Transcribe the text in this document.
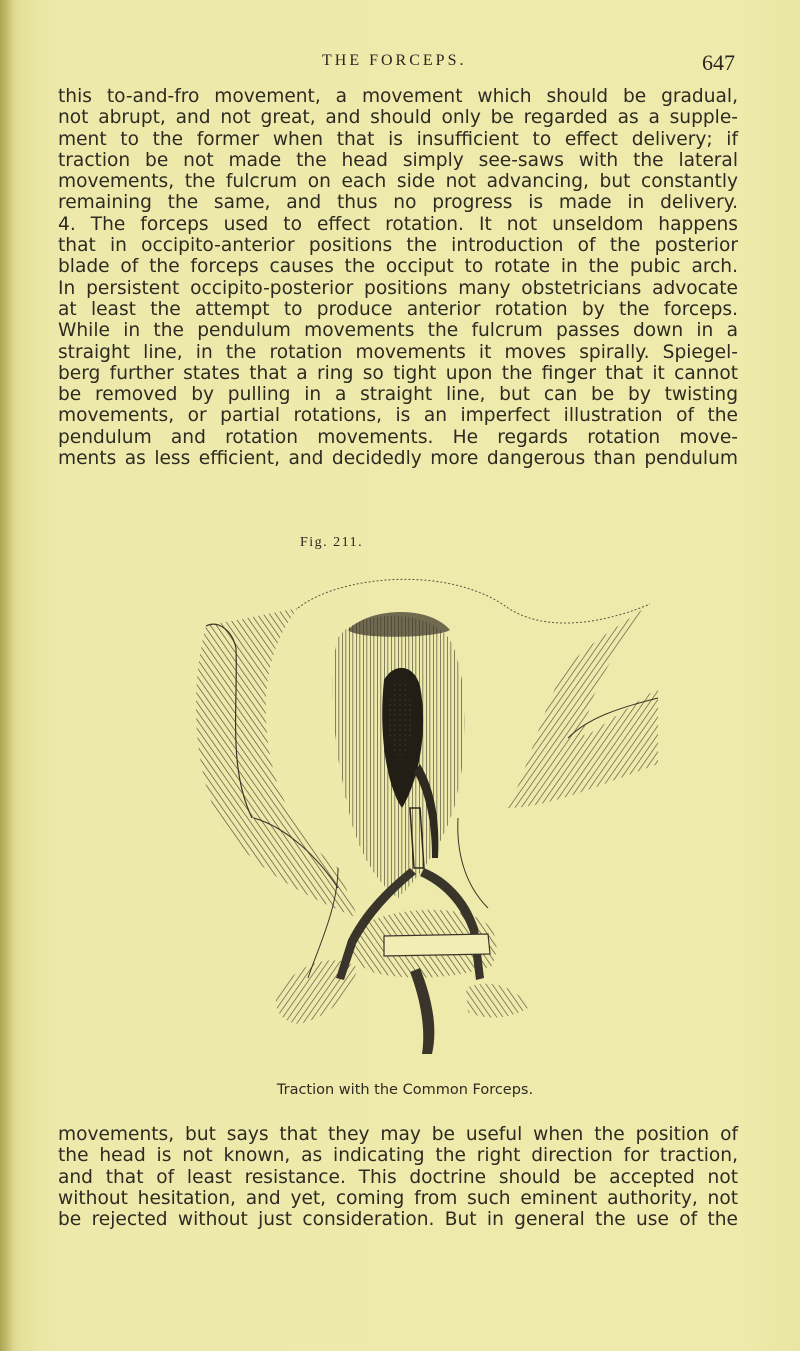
THE FORCEPS.	647
this to-and-fro movement, a movement which should be gradual,
not abrupt, and not great, and should only be regarded as a supple-
ment to the former when that is insufficient to effect delivery; if
traction be not made the head simply see-saws with the lateral
movements, the fulcrum on each side not advancing, but constantly
remaining the same, and thus no progress is made in delivery.
4. The forceps used to effect rotation. It not unseldom happens
that in occipito-anterior positions the introduction of the posterior
blade of the forceps causes the occiput to rotate in the pubic arch.
In persistent occipito-posterior positions many obstetricians advocate
at least the attempt to produce anterior rotation by the forceps.
While in the pendulum movements the fulcrum passes down in a
straight line, in the rotation movements it moves spirally. Spiegel-
berg further states that a ring so tight upon the finger that it cannot
be removed by pulling in a straight line, but can be by twisting
movements, or partial rotations, is an imperfect illustration of the
pendulum and rotation movements. He regards rotation move-
ments as less efficient, and decidedly more dangerous than pendulum
Fig. 211.
Traction with the Common Forceps.
movements, but says that they may be useful when the position of
the head is not known, as indicating the right direction for traction,
and that of least resistance. This doctrine should be accepted not
without hesitation, and yet, coming from such eminent authority, not
be rejected without just consideration. But in general the use of the
